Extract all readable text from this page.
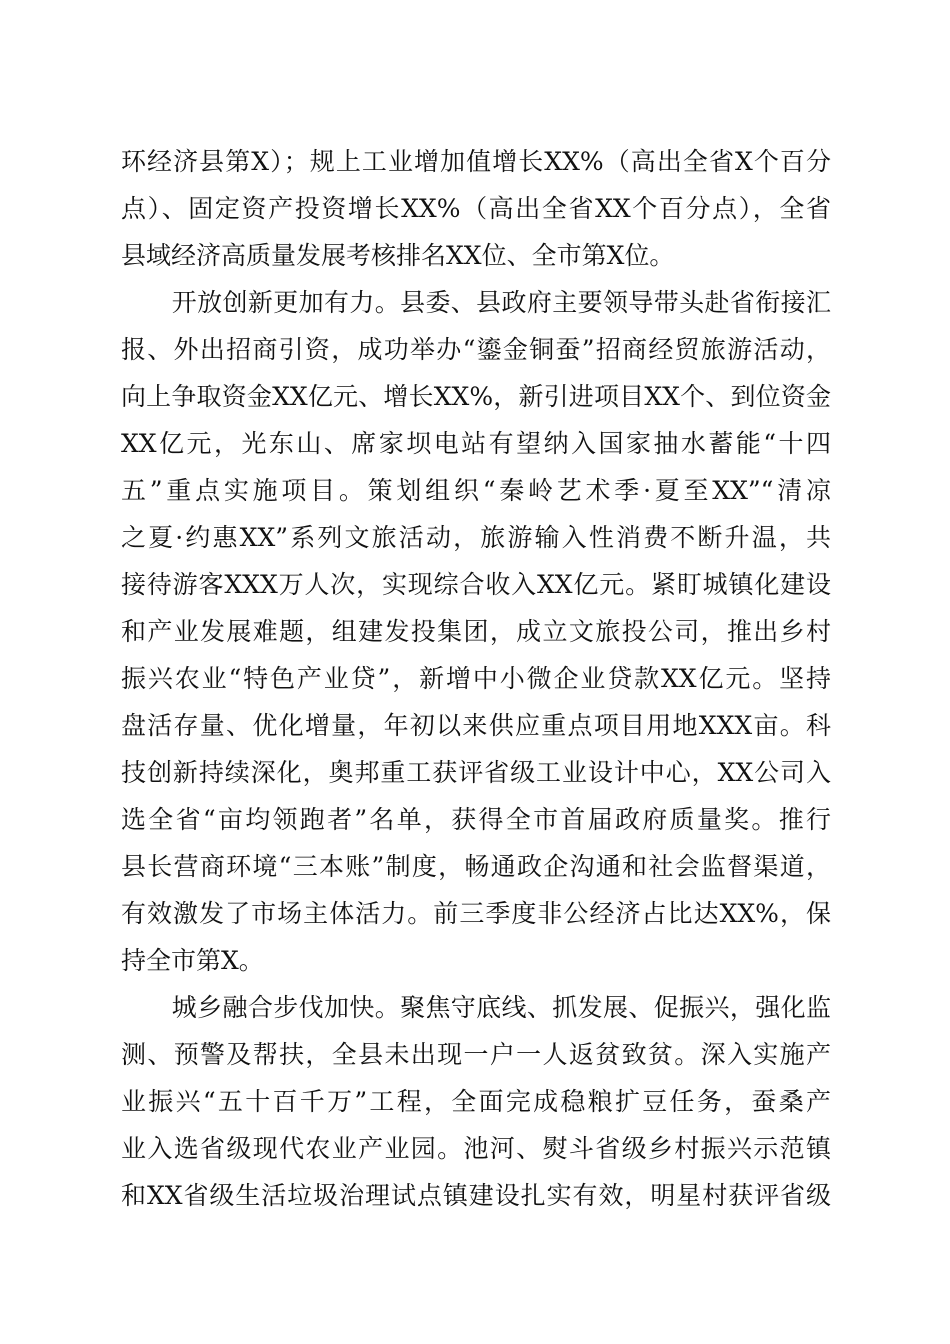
环经济县第X）；规上工业增加值增长XX%（高出全省X个百分
点）、固定资产投资增长XX%（高出全省XX个百分点），全省
县域经济高质量发展考核排名XX位、全市第X位。
　　开放创新更加有力。县委、县政府主要领导带头赴省衔接汇
报、外出招商引资，成功举办“鎏金铜蚕”招商经贸旅游活动，
向上争取资金XX亿元、增长XX%，新引进项目XX个、到位资金
XX亿元，光东山、席家坝电站有望纳入国家抽水蓄能“十四
五”重点实施项目。策划组织“秦岭艺术季·夏至XX”“清凉
之夏·约惠XX”系列文旅活动，旅游输入性消费不断升温，共
接待游客XXX万人次，实现综合收入XX亿元。紧盯城镇化建设
和产业发展难题，组建发投集团，成立文旅投公司，推出乡村
振兴农业“特色产业贷”，新增中小微企业贷款XX亿元。坚持
盘活存量、优化增量，年初以来供应重点项目用地XXX亩。科
技创新持续深化，奥邦重工获评省级工业设计中心，XX公司入
选全省“亩均领跑者”名单，获得全市首届政府质量奖。推行
县长营商环境“三本账”制度，畅通政企沟通和社会监督渠道，
有效激发了市场主体活力。前三季度非公经济占比达XX%，保
持全市第X。
　　城乡融合步伐加快。聚焦守底线、抓发展、促振兴，强化监
测、预警及帮扶，全县未出现一户一人返贫致贫。深入实施产
业振兴“五十百千万”工程，全面完成稳粮扩豆任务，蚕桑产
业入选省级现代农业产业园。池河、熨斗省级乡村振兴示范镇
和XX省级生活垃圾治理试点镇建设扎实有效，明星村获评省级
